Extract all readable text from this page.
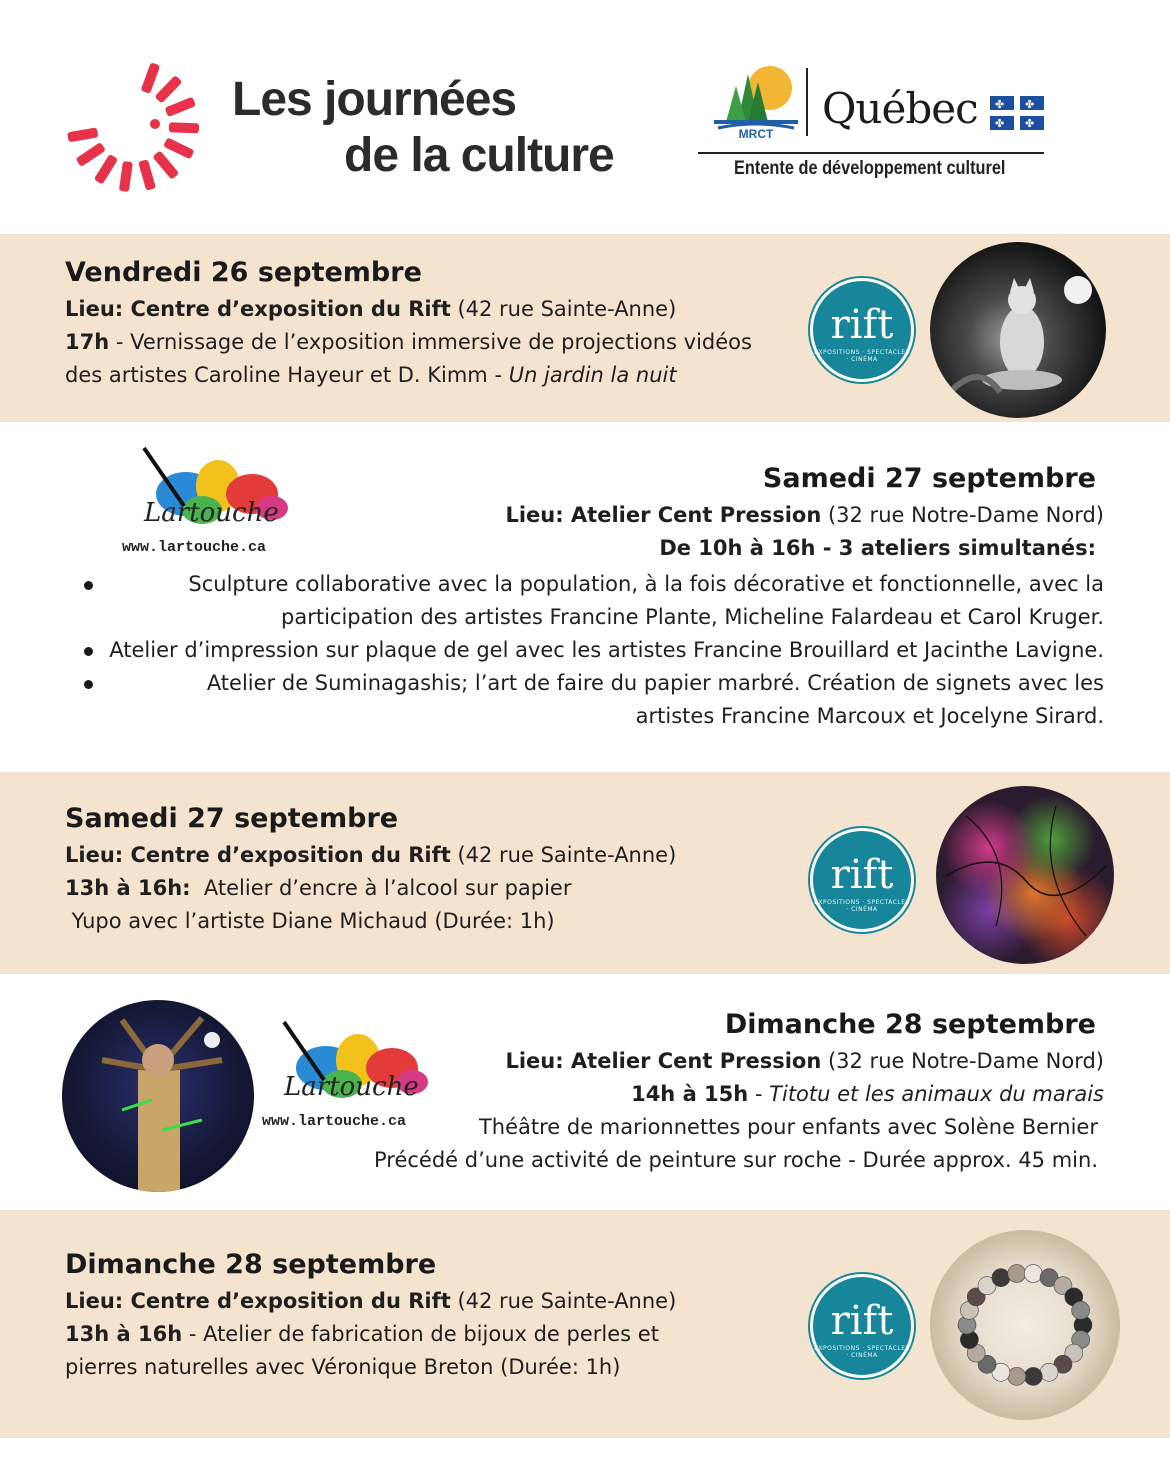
Les journées
de la culture	MRCT
Québec ✤ ✤
✤ ✤
Entente de développement culturel
Vendredi 26 septembre
Lieu: Centre d’exposition du Rift (42 rue Sainte-Anne)
17h - Vernissage de l’exposition immersive de projections vidéos
des artistes Caroline Hayeur et D. Kimm - Un jardin la nuit
rift
EXPOSITIONS · SPECTACLES · CINÉMA
Lartouche
www.lartouche.ca
Samedi 27 septembre
Lieu: Atelier Cent Pression (32 rue Notre-Dame Nord)
De 10h à 16h - 3 ateliers simultanés:
Sculpture collaborative avec la population, à la fois décorative et fonctionnelle, avec la
participation des artistes Francine Plante, Micheline Falardeau et Carol Kruger.
Atelier d’impression sur plaque de gel avec les artistes Francine Brouillard et Jacinthe Lavigne.
Atelier de Suminagashis; l’art de faire du papier marbré. Création de signets avec les
artistes Francine Marcoux et Jocelyne Sirard.
Samedi 27 septembre
Lieu: Centre d’exposition du Rift (42 rue Sainte-Anne)
13h à 16h:  Atelier d’encre à l’alcool sur papier
Yupo avec l’artiste Diane Michaud (Durée: 1h)
rift
EXPOSITIONS · SPECTACLES · CINÉMA
Lartouche
www.lartouche.ca
Dimanche 28 septembre
Lieu: Atelier Cent Pression (32 rue Notre-Dame Nord)
14h à 15h - Titotu et les animaux du marais
Théâtre de marionnettes pour enfants avec Solène Bernier
Précédé d’une activité de peinture sur roche - Durée approx. 45 min.
Dimanche 28 septembre
Lieu: Centre d’exposition du Rift (42 rue Sainte-Anne)
13h à 16h - Atelier de fabrication de bijoux de perles et
pierres naturelles avec Véronique Breton (Durée: 1h)
rift
EXPOSITIONS · SPECTACLES · CINÉMA
